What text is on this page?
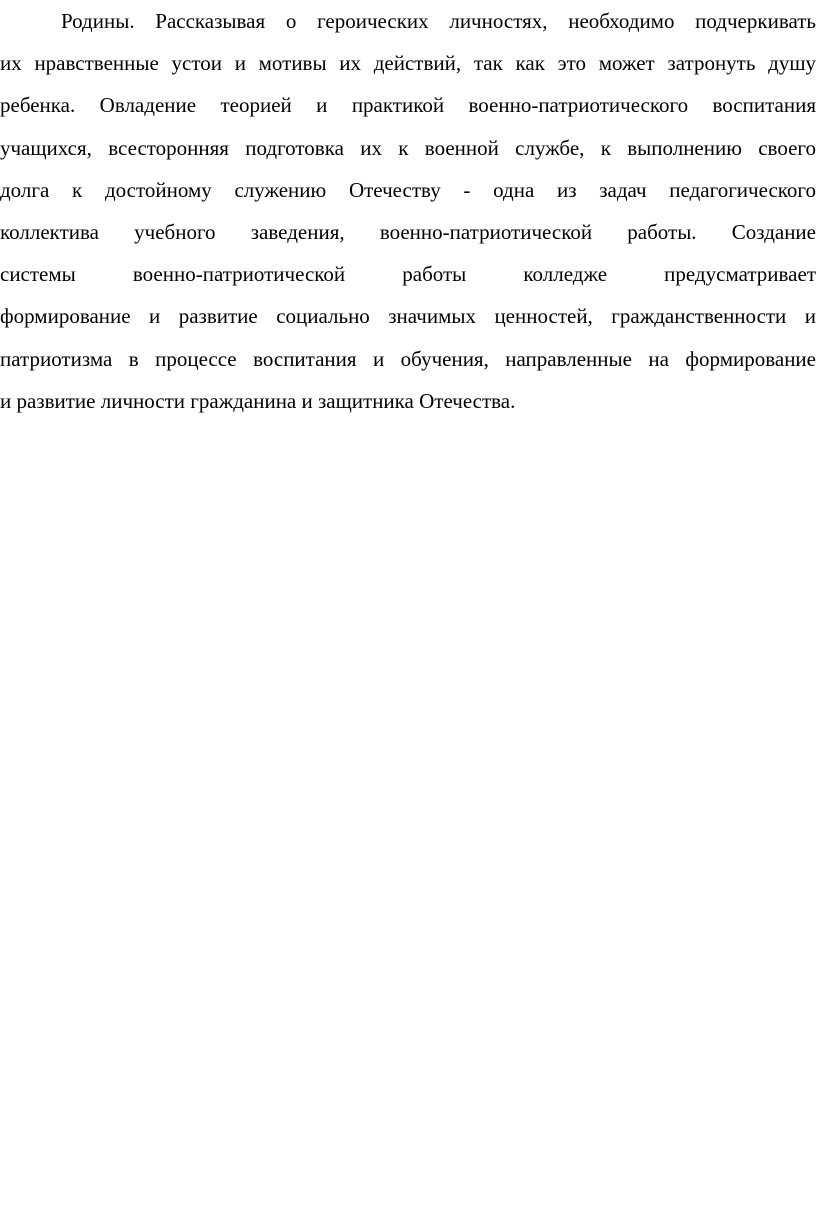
Родины. Рассказывая о героических личностях, необходимо подчеркивать
их нравственные устои и мотивы их действий, так как это может затронуть душу
ребенка. Овладение теорией и практикой военно-патриотического воспитания
учащихся, всесторонняя подготовка их к военной службе, к выполнению своего
долга к достойному служению Отечеству - одна из задач педагогического
коллектива учебного заведения, военно-патриотической работы. Создание
системы военно-патриотической работы колледже предусматривает
формирование и развитие социально значимых ценностей, гражданственности и
патриотизма в процессе воспитания и обучения, направленные на формирование
и развитие личности гражданина и защитника Отечества.
